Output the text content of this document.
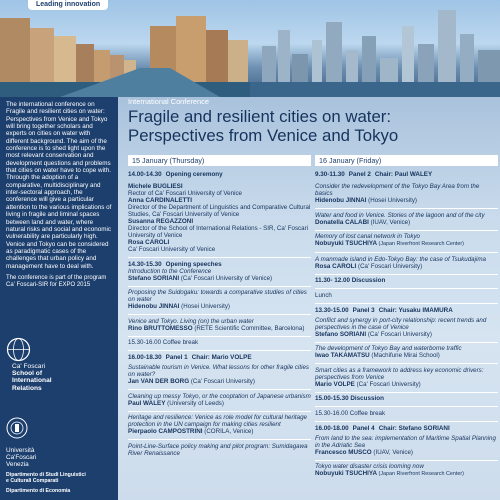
Leading innovation

The international conference on Fragile and resilient cities on water: Perspectives from Venice and Tokyo will bring together scholars and experts on cities on water with different background. The aim of the conference is to shed light upon the most relevant conservation and development questions and problems that cities on water have to cope with. Through the adoption of a comparative, multidisciplinary and inter-sectoral approach, the conference will give a particular attention to the various implications of living in fragile and liminal spaces between land and water, where natural risks and social and economic vulnerability are particularly high. Venice and Tokyo can be considered as paradigmatic cases of the challenges that urban policy and management have to deal with.

The conference is part of the program Ca' Foscari-SIR for EXPO 2015

Ca' Foscari
School of
International
Relations
Università
Ca'Foscari
Venezia
Dipartimento di Studi Linguistici
e Culturali Comparati
Dipartimento di Economia
International Conference
Fragile and resilient cities on water:
Perspectives from Venice and Tokyo
15 January (Thursday)
14.00-14.30 Opening ceremony
Michele BUGLIESI
Rector of Ca' Foscari University of Venice
Anna CARDINALETTI
Director of the Department of Linguistics and Comparative Cultural Studies, Ca' Foscari University of Venice
Susanna REGAZZONI
Director of the School of International Relations - SIR, Ca' Foscari University of Venice
Rosa CAROLI
Ca' Foscari University of Venice
14.30-15.30 Opening speeches
Introduction to the Conference
Stefano SORIANI (Ca' Foscari University of Venice)
Proposing the Suidogaku: towards a comparative studies of cities on water
Hidenobu JINNAI (Hosei University)
Venice and Tokyo. Living (on) the urban water
Rino BRUTTOMESSO (RETE Scientific Committee, Barcelona)
15.30-16.00 Coffee break
16.00-18.30 Panel 1 Chair: Mario VOLPE
Sustainable tourism in Venice. What lessons for other fragile cities on water?
Jan VAN DER BORG (Ca' Foscari University)
Cleaning up messy Tokyo, or the cooptation of Japanese urbanism
Paul WALEY (University of Leeds)
Heritage and resilience: Venice as role model for cultural heritage protection in the UN campaign for making cities resilient
Pierpaolo CAMPOSTRINI (CORILA, Venice)
Point-Line-Surface policy making and pilot program: Sumidagawa River Renaissance
16 January (Friday)
9.30-11.30 Panel 2 Chair: Paul WALEY
Consider the redevelopment of the Tokyo Bay Area from the basics
Hidenobu JINNAI (Hosei University)
Water and food in Venice. Stories of the lagoon and of the city
Donatella CALABI (IUAV, Venice)
Memory of lost canal network in Tokyo
Nobuyuki TSUCHIYA (Japan Riverfront Research Center)
A manmade island in Edo-Tokyo Bay: the case of Tsukudajima
Rosa CAROLI (Ca' Foscari University)
11.30- 12.00 Discussion
Lunch
13.30-15.00 Panel 3 Chair: Yusaku IMAMURA
Conflict and synergy in port-city relationship: recent trends and perspectives in the case of Venice
Stefano SORIANI (Ca' Foscari University)
The development of Tokyo Bay and waterborne traffic
Iwao TAKAMATSU (Machifune Mirai School)
Smart cities as a framework to address key economic drivers: perspectives from Venice
Mario VOLPE (Ca' Foscari University)
15.00-15.30 Discussion
15.30-16.00 Coffee break
16.00-18.00 Panel 4 Chair: Stefano SORIANI
From land to the sea: implementation of Maritime Spatial Planning in the Adriatic Sea
Francesco MUSCO (IUAV, Venice)
Tokyo water disaster crisis looming now
Nobuyuki TSUCHIYA (Japan Riverfront Research Center)
